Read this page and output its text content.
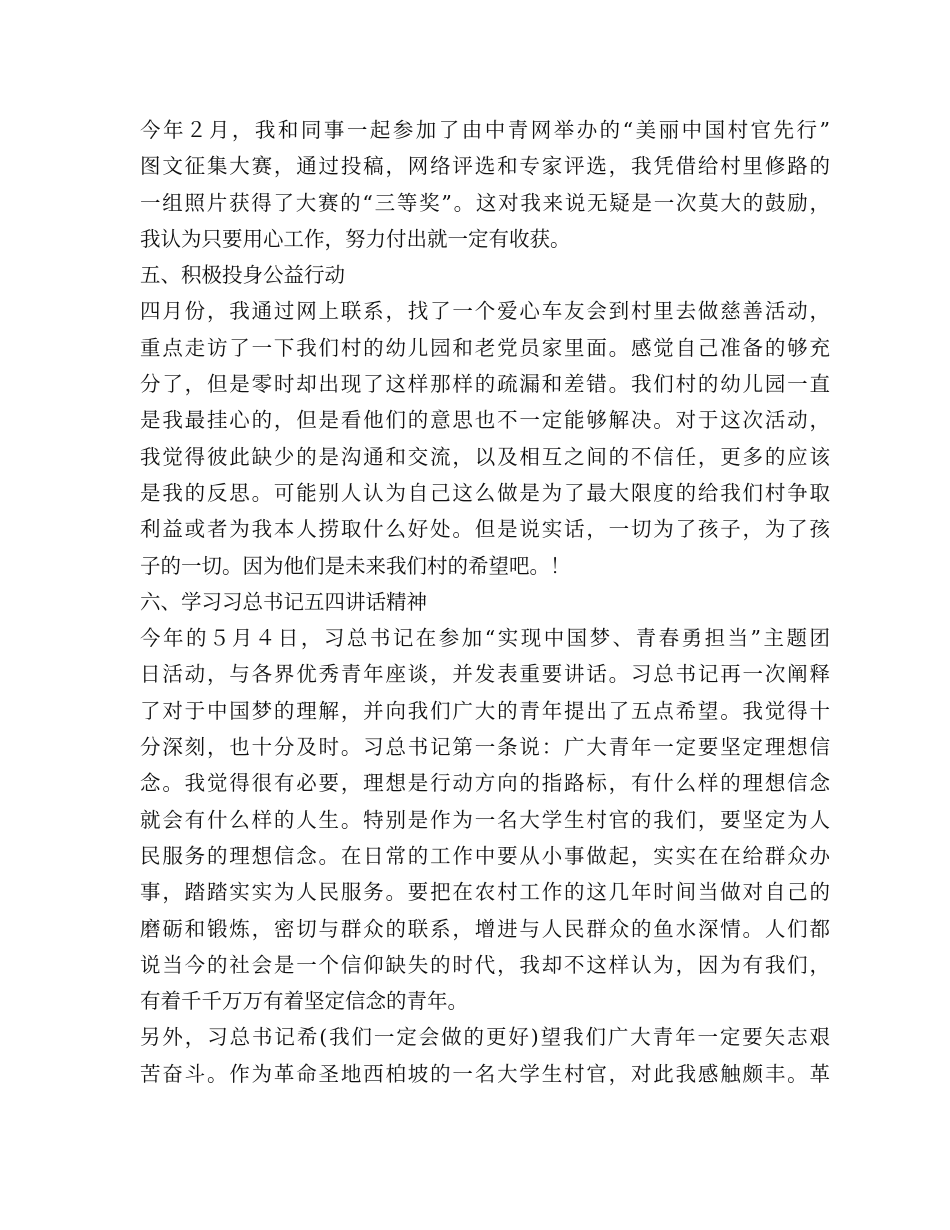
今年２月，我和同事一起参加了由中青网举办的“美丽中国村官先行”
图文征集大赛，通过投稿，网络评选和专家评选，我凭借给村里修路的
一组照片获得了大赛的“三等奖”。这对我来说无疑是一次莫大的鼓励，
我认为只要用心工作，努力付出就一定有收获。
五、积极投身公益行动
四月份，我通过网上联系，找了一个爱心车友会到村里去做慈善活动，
重点走访了一下我们村的幼儿园和老党员家里面。感觉自己准备的够充
分了，但是零时却出现了这样那样的疏漏和差错。我们村的幼儿园一直
是我最挂心的，但是看他们的意思也不一定能够解决。对于这次活动，
我觉得彼此缺少的是沟通和交流，以及相互之间的不信任，更多的应该
是我的反思。可能别人认为自己这么做是为了最大限度的给我们村争取
利益或者为我本人捞取什么好处。但是说实话，一切为了孩子，为了孩
子的一切。因为他们是未来我们村的希望吧。！
六、学习习总书记五四讲话精神
今年的５月４日，习总书记在参加“实现中国梦、青春勇担当”主题团
日活动，与各界优秀青年座谈，并发表重要讲话。习总书记再一次阐释
了对于中国梦的理解，并向我们广大的青年提出了五点希望。我觉得十
分深刻，也十分及时。习总书记第一条说：广大青年一定要坚定理想信
念。我觉得很有必要，理想是行动方向的指路标，有什么样的理想信念
就会有什么样的人生。特别是作为一名大学生村官的我们，要坚定为人
民服务的理想信念。在日常的工作中要从小事做起，实实在在给群众办
事，踏踏实实为人民服务。要把在农村工作的这几年时间当做对自己的
磨砺和锻炼，密切与群众的联系，增进与人民群众的鱼水深情。人们都
说当今的社会是一个信仰缺失的时代，我却不这样认为，因为有我们，
有着千千万万有着坚定信念的青年。
另外，习总书记希(我们一定会做的更好)望我们广大青年一定要矢志艰
苦奋斗。作为革命圣地西柏坡的一名大学生村官，对此我感触颇丰。革
